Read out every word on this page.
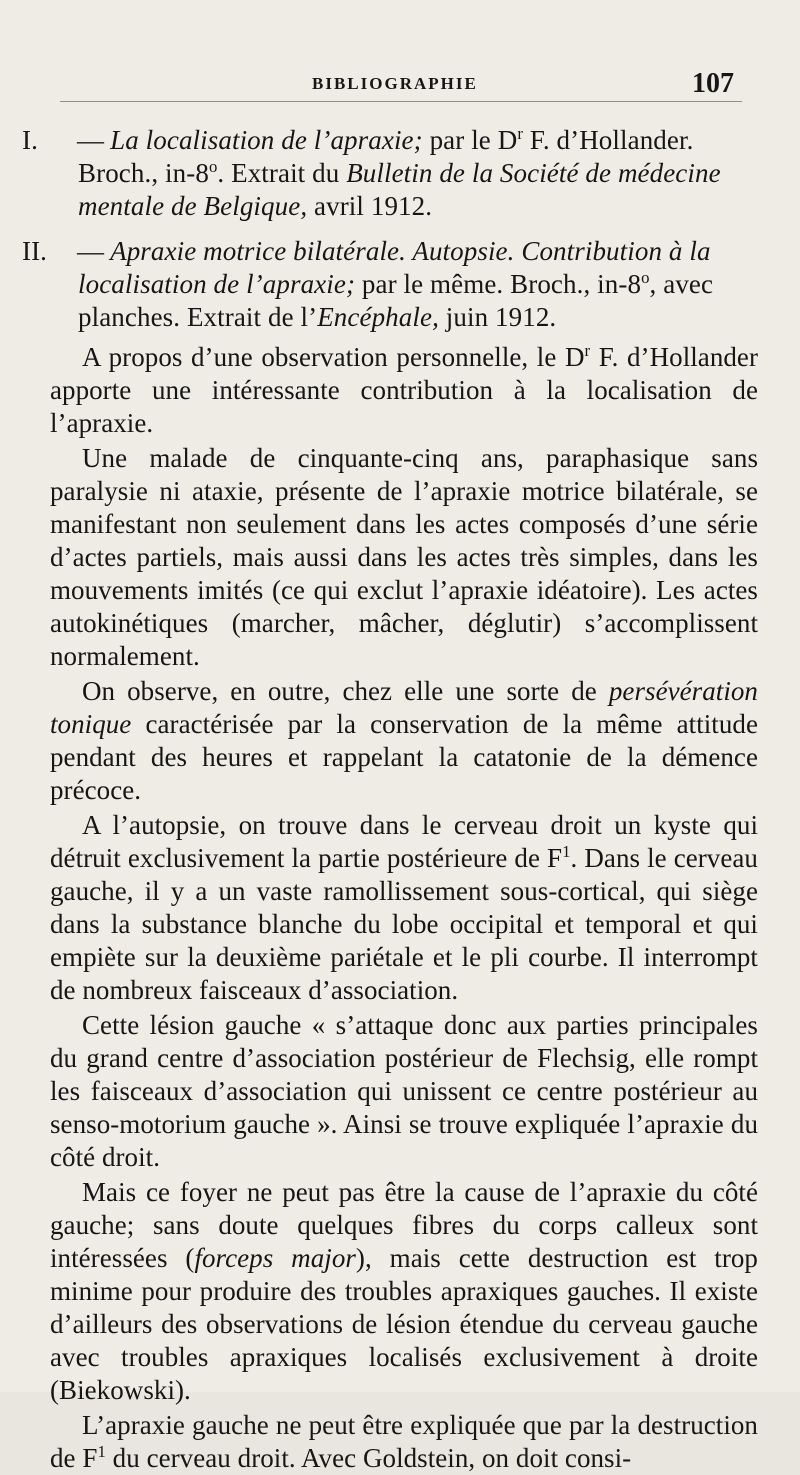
BIBLIOGRAPHIE	107
I. — La localisation de l’apraxie; par le $D^r$ F. d’Hollander. Broch., in-8$^o$. Extrait du Bulletin de la Société de médecine mentale de Belgique, avril 1912.
II. — Apraxie motrice bilatérale. Autopsie. Contribution à la localisation de l’apraxie; par le même. Broch., in-8$^o$, avec planches. Extrait de l’Encéphale, juin 1912.

A propos d’une observation personnelle, le $D^r$ F. d’Hollander apporte une intéressante contribution à la localisation de l’apraxie.

Une malade de cinquante-cinq ans, paraphasique sans paralysie ni ataxie, présente de l’apraxie motrice bilatérale, se manifestant non seulement dans les actes composés d’une série d’actes partiels, mais aussi dans les actes très simples, dans les mouvements imités (ce qui exclut l’apraxie idéatoire). Les actes autokinétiques (marcher, mâcher, déglutir) s’accomplissent normalement.

On observe, en outre, chez elle une sorte de persévération tonique caractérisée par la conservation de la même attitude pendant des heures et rappelant la catatonie de la démence précoce.

A l’autopsie, on trouve dans le cerveau droit un kyste qui détruit exclusivement la partie postérieure de $F^1$. Dans le cerveau gauche, il y a un vaste ramollissement sous-cortical, qui siège dans la substance blanche du lobe occipital et temporal et qui empiète sur la deuxième pariétale et le pli courbe. Il interrompt de nombreux faisceaux d’association.

Cette lésion gauche « s’attaque donc aux parties principales du grand centre d’association postérieur de Flechsig, elle rompt les faisceaux d’association qui unissent ce centre postérieur au senso-motorium gauche ». Ainsi se trouve expliquée l’apraxie du côté droit.

Mais ce foyer ne peut pas être la cause de l’apraxie du côté gauche; sans doute quelques fibres du corps calleux sont intéressées (forceps major), mais cette destruction est trop minime pour produire des troubles apraxiques gauches. Il existe d’ailleurs des observations de lésion étendue du cerveau gauche avec troubles apraxiques localisés exclusivement à droite (Biekowski).

L’apraxie gauche ne peut être expliquée que par la destruction de $F^1$ du cerveau droit. Avec Goldstein, on doit consi-
